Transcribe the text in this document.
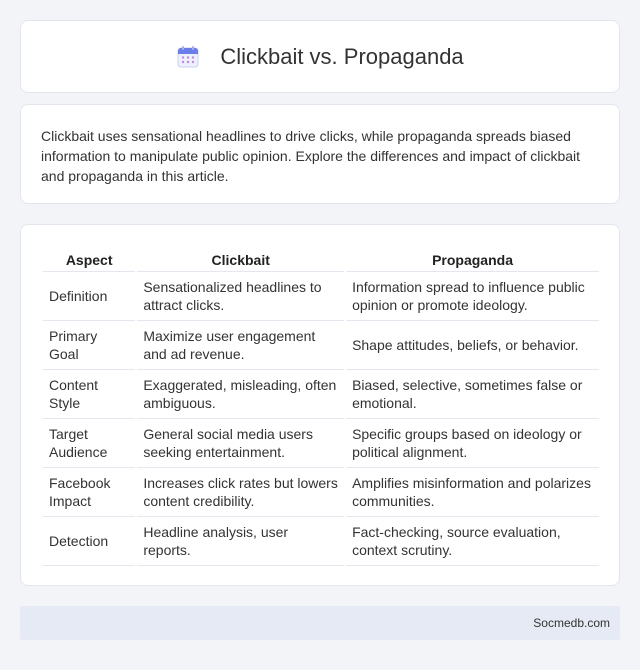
Clickbait vs. Propaganda

Clickbait uses sensational headlines to drive clicks, while propaganda spreads biased information to manipulate public opinion. Explore the differences and impact of clickbait and propaganda in this article.

Aspect	Clickbait	Propaganda
Definition	Sensationalized headlines to attract clicks.	Information spread to influence public opinion or promote ideology.
Primary Goal	Maximize user engagement and ad revenue.	Shape attitudes, beliefs, or behavior.
Content Style	Exaggerated, misleading, often ambiguous.	Biased, selective, sometimes false or emotional.
Target Audience	General social media users seeking entertainment.	Specific groups based on ideology or political alignment.
Facebook Impact	Increases click rates but lowers content credibility.	Amplifies misinformation and polarizes communities.
Detection	Headline analysis, user reports.	Fact-checking, source evaluation, context scrutiny.
Socmedb.com
